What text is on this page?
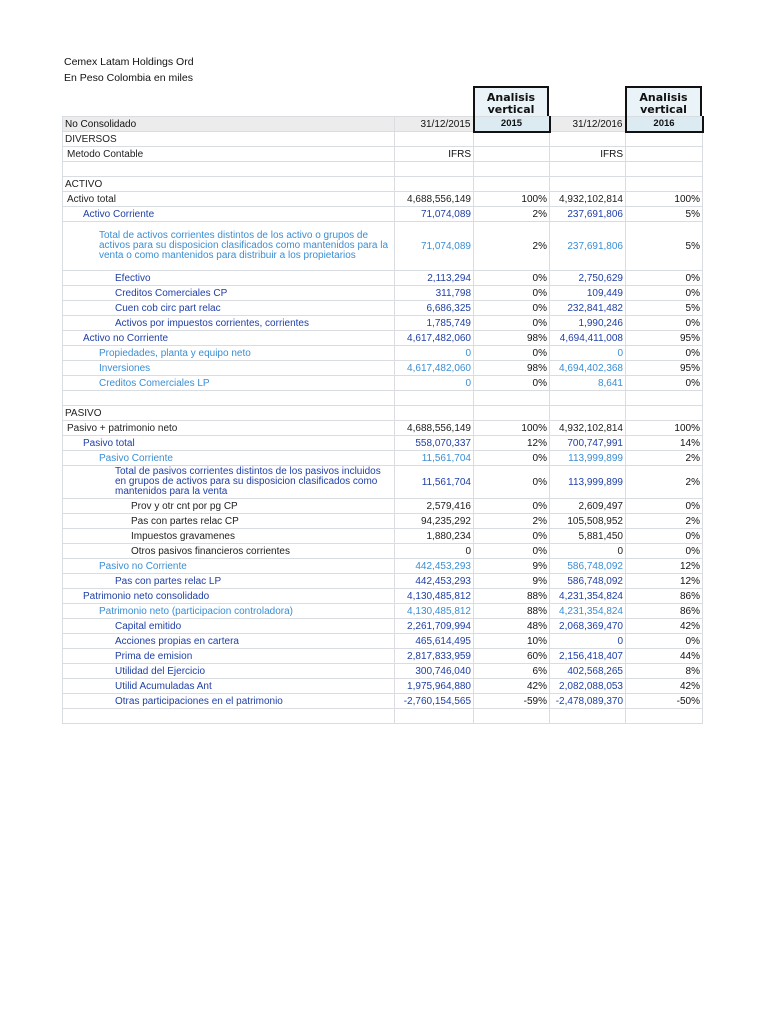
Cemex Latam Holdings Ord
En Peso Colombia en miles
Analisis vertical
Analisis vertical
No Consolidado	31/12/2015	2015	31/12/2016	2016
DIVERSOS				
Metodo Contable	IFRS		IFRS	

ACTIVO				
Activo total	4,688,556,149	100%	4,932,102,814	100%
Activo Corriente	71,074,089	2%	237,691,806	5%
Total de activos corrientes distintos de los activo o grupos de activos para su disposicion clasificados como mantenidos para la venta o como mantenidos para distribuir a los propietarios	71,074,089	2%	237,691,806	5%
Efectivo	2,113,294	0%	2,750,629	0%
Creditos Comerciales CP	311,798	0%	109,449	0%
Cuen cob circ part relac	6,686,325	0%	232,841,482	5%
Activos por impuestos corrientes, corrientes	1,785,749	0%	1,990,246	0%
Activo no Corriente	4,617,482,060	98%	4,694,411,008	95%
Propiedades, planta y equipo neto	0	0%	0	0%
Inversiones	4,617,482,060	98%	4,694,402,368	95%
Creditos Comerciales LP	0	0%	8,641	0%

PASIVO				
Pasivo + patrimonio neto	4,688,556,149	100%	4,932,102,814	100%
Pasivo total	558,070,337	12%	700,747,991	14%
Pasivo Corriente	11,561,704	0%	113,999,899	2%
Total de pasivos corrientes distintos de los pasivos incluidos en grupos de activos para su disposicion clasificados como mantenidos para la venta	11,561,704	0%	113,999,899	2%
Prov y otr cnt por pg CP	2,579,416	0%	2,609,497	0%
Pas con partes relac CP	94,235,292	2%	105,508,952	2%
Impuestos gravamenes	1,880,234	0%	5,881,450	0%
Otros pasivos financieros corrientes	0	0%	0	0%
Pasivo no Corriente	442,453,293	9%	586,748,092	12%
Pas con partes relac LP	442,453,293	9%	586,748,092	12%
Patrimonio neto consolidado	4,130,485,812	88%	4,231,354,824	86%
Patrimonio neto (participacion controladora)	4,130,485,812	88%	4,231,354,824	86%
Capital emitido	2,261,709,994	48%	2,068,369,470	42%
Acciones propias en cartera	465,614,495	10%	0	0%
Prima de emision	2,817,833,959	60%	2,156,418,407	44%
Utilidad del Ejercicio	300,746,040	6%	402,568,265	8%
Utilid Acumuladas Ant	1,975,964,880	42%	2,082,088,053	42%
Otras participaciones en el patrimonio	-2,760,154,565	-59%	-2,478,089,370	-50%
